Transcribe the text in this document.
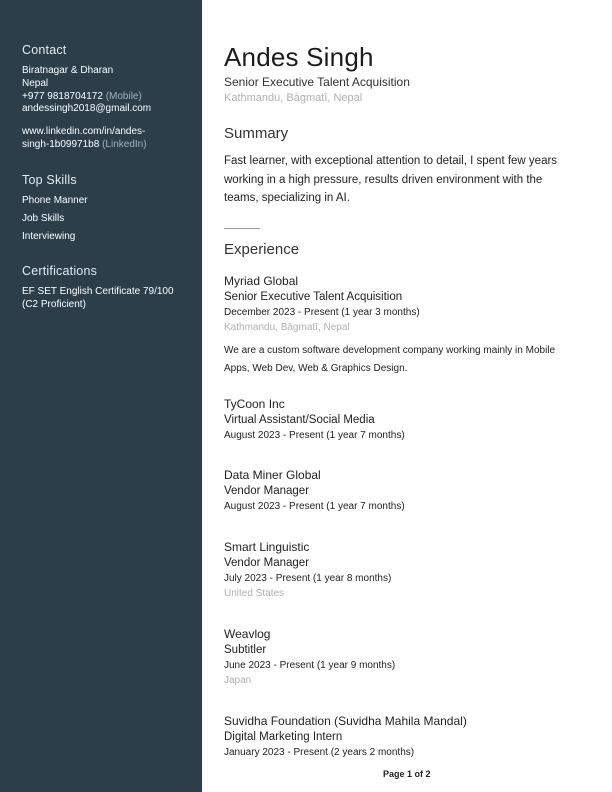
Contact
Biratnagar & Dharan
Nepal
+977 9818704172 (Mobile)
andessingh2018@gmail.com
www.linkedin.com/in/andes-
singh-1b09971b8 (LinkedIn)
Top Skills
Phone Manner
Job Skills
Interviewing
Certifications
EF SET English Certificate 79/100
(C2 Proficient)
Andes Singh
Senior Executive Talent Acquisition
Kathmandu, Bāgmatī, Nepal
Summary

Fast learner, with exceptional attention to detail, I spent few years working in a high pressure, results driven environment with the teams, specializing in AI.

Experience
Myriad Global
Senior Executive Talent Acquisition
December 2023 - Present (1 year 3 months)
Kathmandu, Bāgmatī, Nepal
We are a custom software development company working mainly in Mobile Apps, Web Dev, Web & Graphics Design.
TyCoon Inc
Virtual Assistant/Social Media
August 2023 - Present (1 year 7 months)
Data Miner Global
Vendor Manager
August 2023 - Present (1 year 7 months)
Smart Linguistic
Vendor Manager
July 2023 - Present (1 year 8 months)
United States
Weavlog
Subtitler
June 2023 - Present (1 year 9 months)
Japan
Suvidha Foundation (Suvidha Mahila Mandal)
Digital Marketing Intern
January 2023 - Present (2 years 2 months)
Page 1 of 2
